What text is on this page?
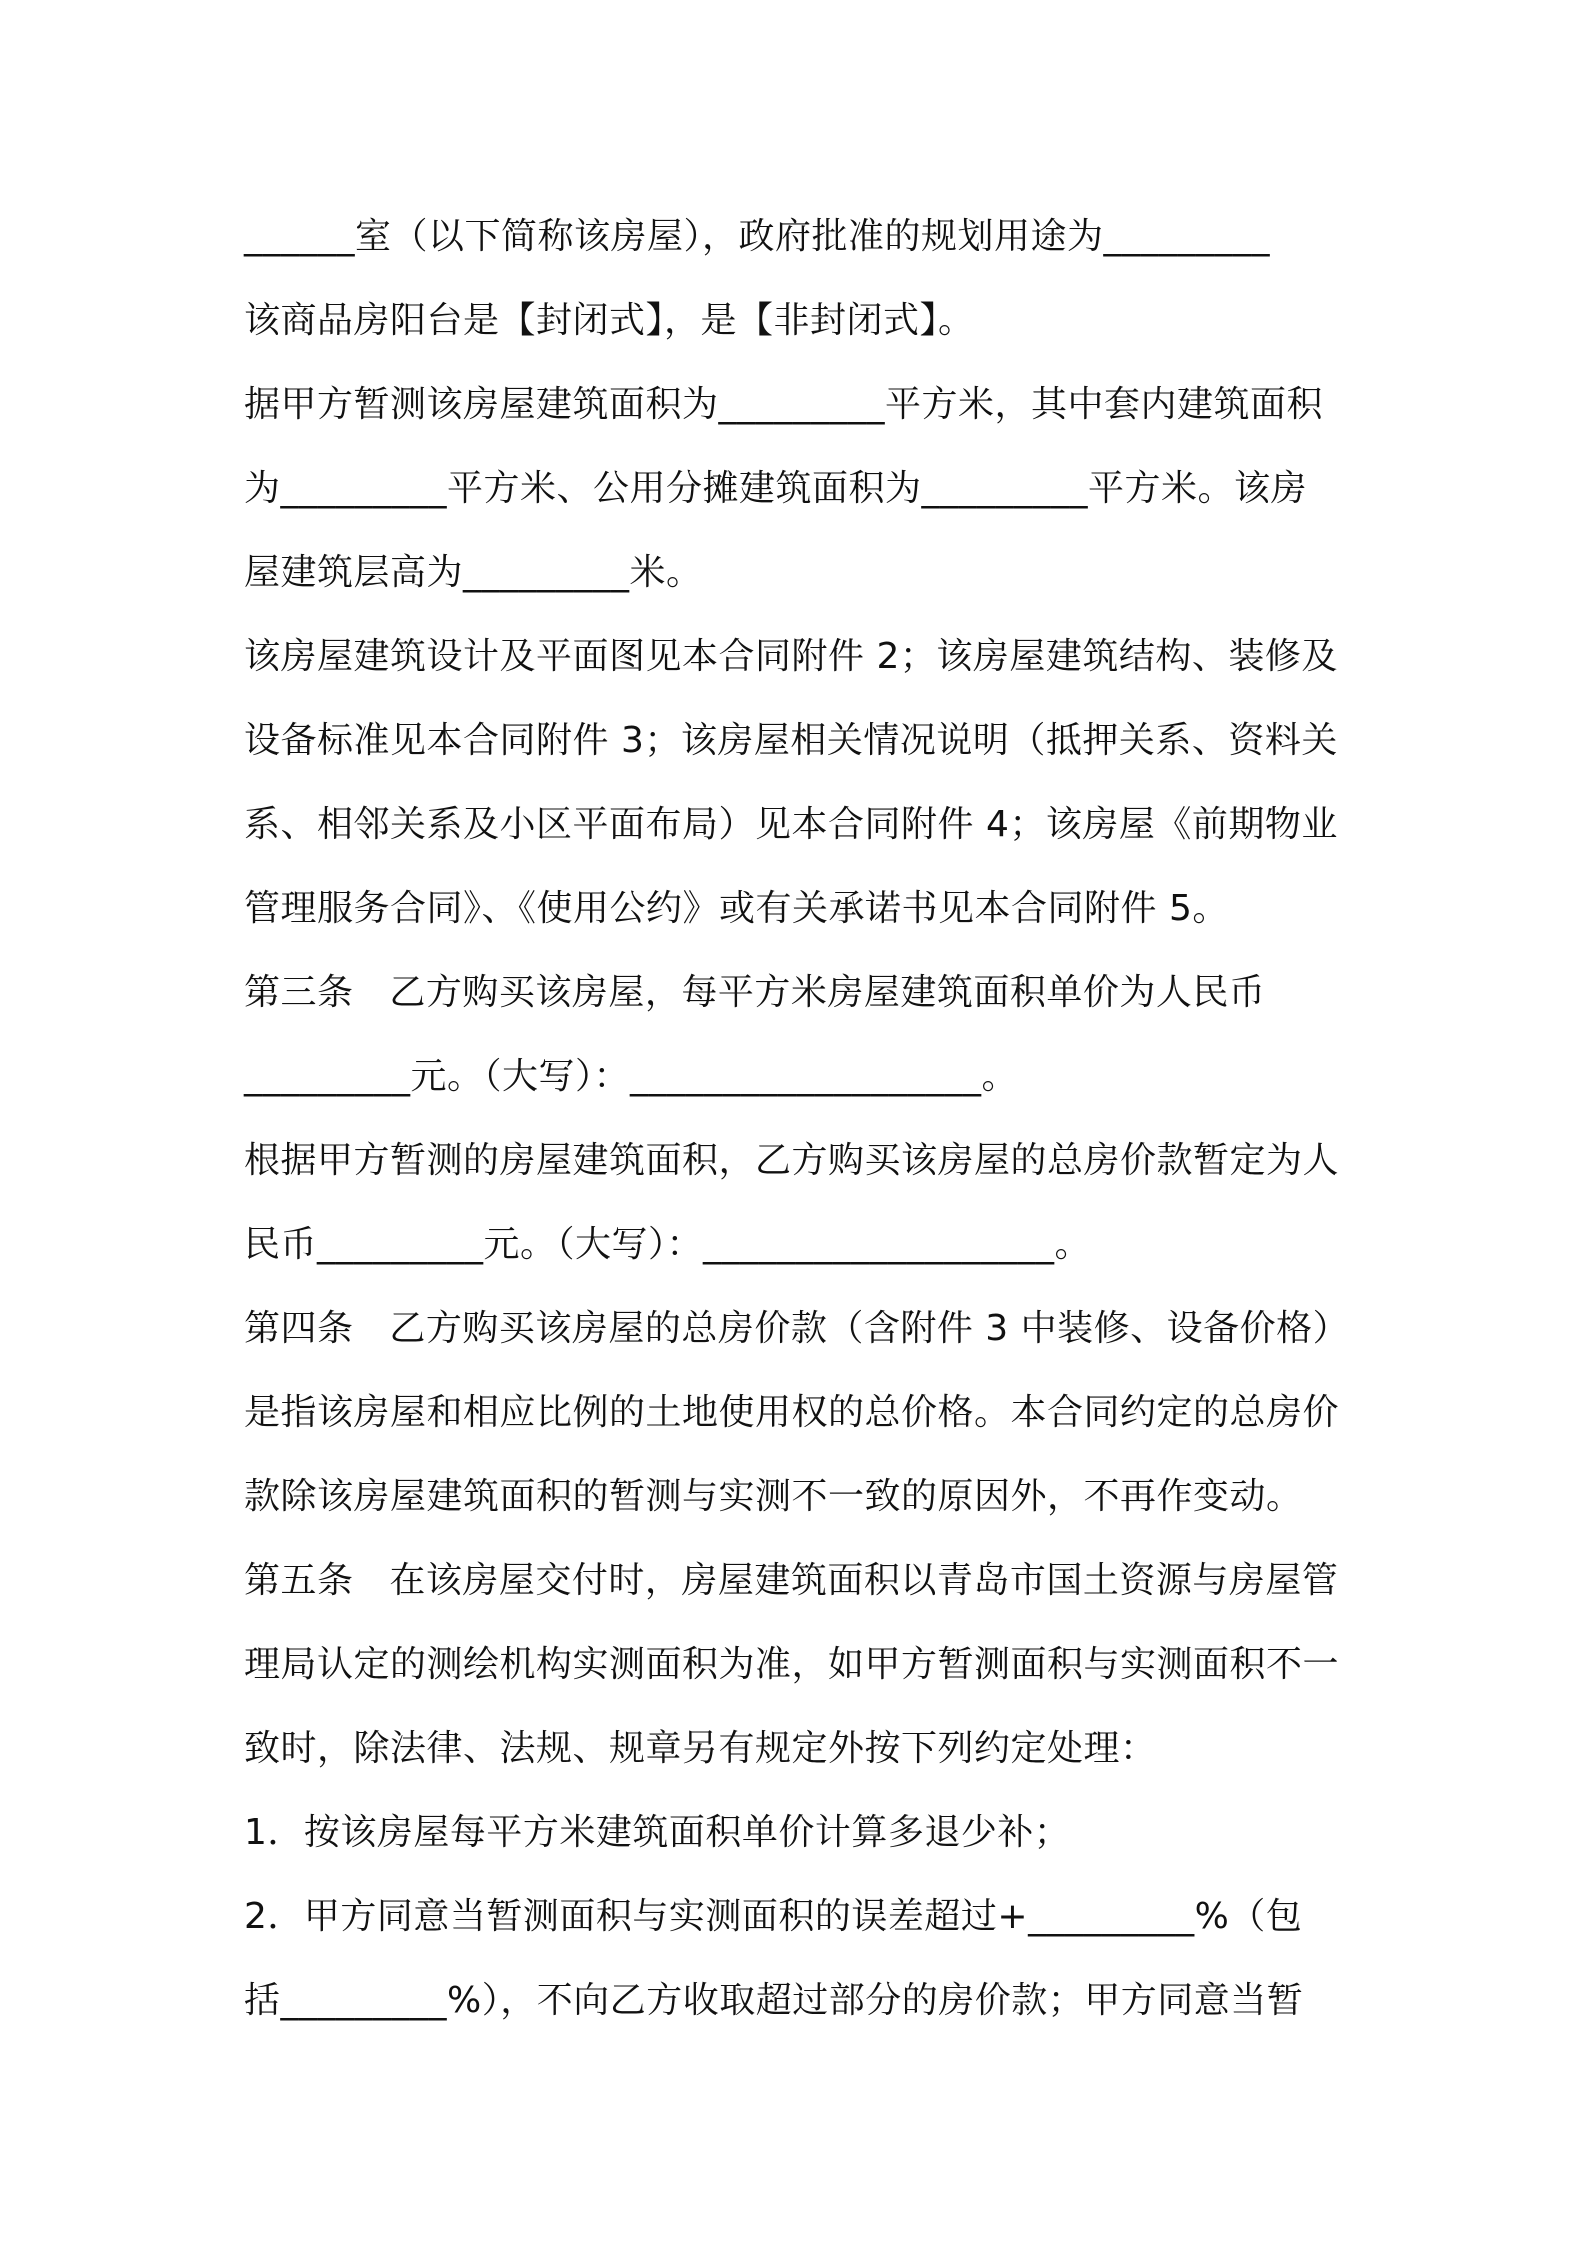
______室（以下简称该房屋），政府批准的规划用途为_________
该商品房阳台是【封闭式】，是【非封闭式】。
据甲方暂测该房屋建筑面积为_________平方米，其中套内建筑面积
为_________平方米、公用分摊建筑面积为_________平方米。该房
屋建筑层高为_________米。
该房屋建筑设计及平面图见本合同附件 2；该房屋建筑结构、装修及
设备标准见本合同附件 3；该房屋相关情况说明（抵押关系、资料关
系、相邻关系及小区平面布局）见本合同附件 4；该房屋《前期物业
管理服务合同》、《使用公约》或有关承诺书见本合同附件 5。
第三条   乙方购买该房屋，每平方米房屋建筑面积单价为人民币
_________元。（大写）：___________________。
根据甲方暂测的房屋建筑面积，乙方购买该房屋的总房价款暂定为人
民币_________元。（大写）：___________________。
第四条   乙方购买该房屋的总房价款（含附件 3 中装修、设备价格）
是指该房屋和相应比例的土地使用权的总价格。本合同约定的总房价
款除该房屋建筑面积的暂测与实测不一致的原因外，不再作变动。
第五条   在该房屋交付时，房屋建筑面积以青岛市国土资源与房屋管
理局认定的测绘机构实测面积为准，如甲方暂测面积与实测面积不一
致时，除法律、法规、规章另有规定外按下列约定处理：
1．按该房屋每平方米建筑面积单价计算多退少补；
2．甲方同意当暂测面积与实测面积的误差超过+_________%（包
括_________%），不向乙方收取超过部分的房价款；甲方同意当暂
